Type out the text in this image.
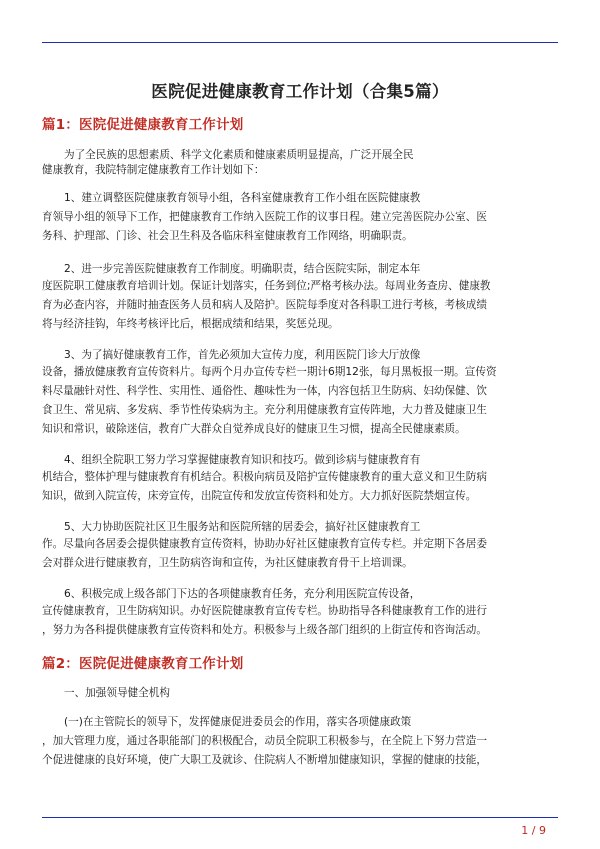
医院促进健康教育工作计划（合集5篇）
篇1：医院促进健康教育工作计划
为了全民族的思想素质、科学文化素质和健康素质明显提高，广泛开展全民
健康教育，我院特制定健康教育工作计划如下：
1、建立调整医院健康教育领导小组，各科室健康教育工作小组在医院健康教
育领导小组的领导下工作，把健康教育工作纳入医院工作的议事日程。建立完善医院办公室、医
务科、护理部、门诊、社会卫生科及各临床科室健康教育工作网络，明确职责。
2、进一步完善医院健康教育工作制度。明确职责，结合医院实际，制定本年
度医院职工健康教育培训计划。保证计划落实，任务到位;严格考核办法。每周业务查房、健康教
育为必查内容，并随时抽查医务人员和病人及陪护。医院每季度对各科职工进行考核，考核成绩
将与经济挂钩，年终考核评比后，根据成绩和结果，奖惩兑现。
3、为了搞好健康教育工作，首先必须加大宣传力度，利用医院门诊大厅放像
设备，播放健康教育宣传资料片。每两个月办宣传专栏一期计6期12张，每月黑板报一期。宣传资
料尽量融针对性、科学性、实用性、通俗性、趣味性为一体，内容包括卫生防病、妇幼保健、饮
食卫生、常见病、多发病、季节性传染病为主。充分利用健康教育宣传阵地，大力普及健康卫生
知识和常识，破除迷信，教育广大群众自觉养成良好的健康卫生习惯，提高全民健康素质。
4、组织全院职工努力学习掌握健康教育知识和技巧。做到诊病与健康教育有
机结合，整体护理与健康教育有机结合。积极向病员及陪护宣传健康教育的重大意义和卫生防病
知识，做到入院宣传，床旁宣传，出院宣传和发放宣传资料和处方。大力抓好医院禁烟宣传。
5、大力协助医院社区卫生服务站和医院所辖的居委会，搞好社区健康教育工
作。尽量向各居委会提供健康教育宣传资料，协助办好社区健康教育宣传专栏。并定期下各居委
会对群众进行健康教育，卫生防病咨询和宣传，为社区健康教育骨干上培训课。
6、积极完成上级各部门下达的各项健康教育任务，充分利用医院宣传设备，
宣传健康教育，卫生防病知识。办好医院健康教育宣传专栏。协助指导各科健康教育工作的进行
，努力为各科提供健康教育宣传资料和处方。积极参与上级各部门组织的上街宣传和咨询活动。
篇2：医院促进健康教育工作计划
一、加强领导健全机构
(一)在主管院长的领导下，发挥健康促进委员会的作用，落实各项健康政策
，加大管理力度，通过各职能部门的积极配合，动员全院职工积极参与，在全院上下努力营造一
个促进健康的良好环境，使广大职工及就诊、住院病人不断增加健康知识，掌握的健康的技能，
1 / 9
